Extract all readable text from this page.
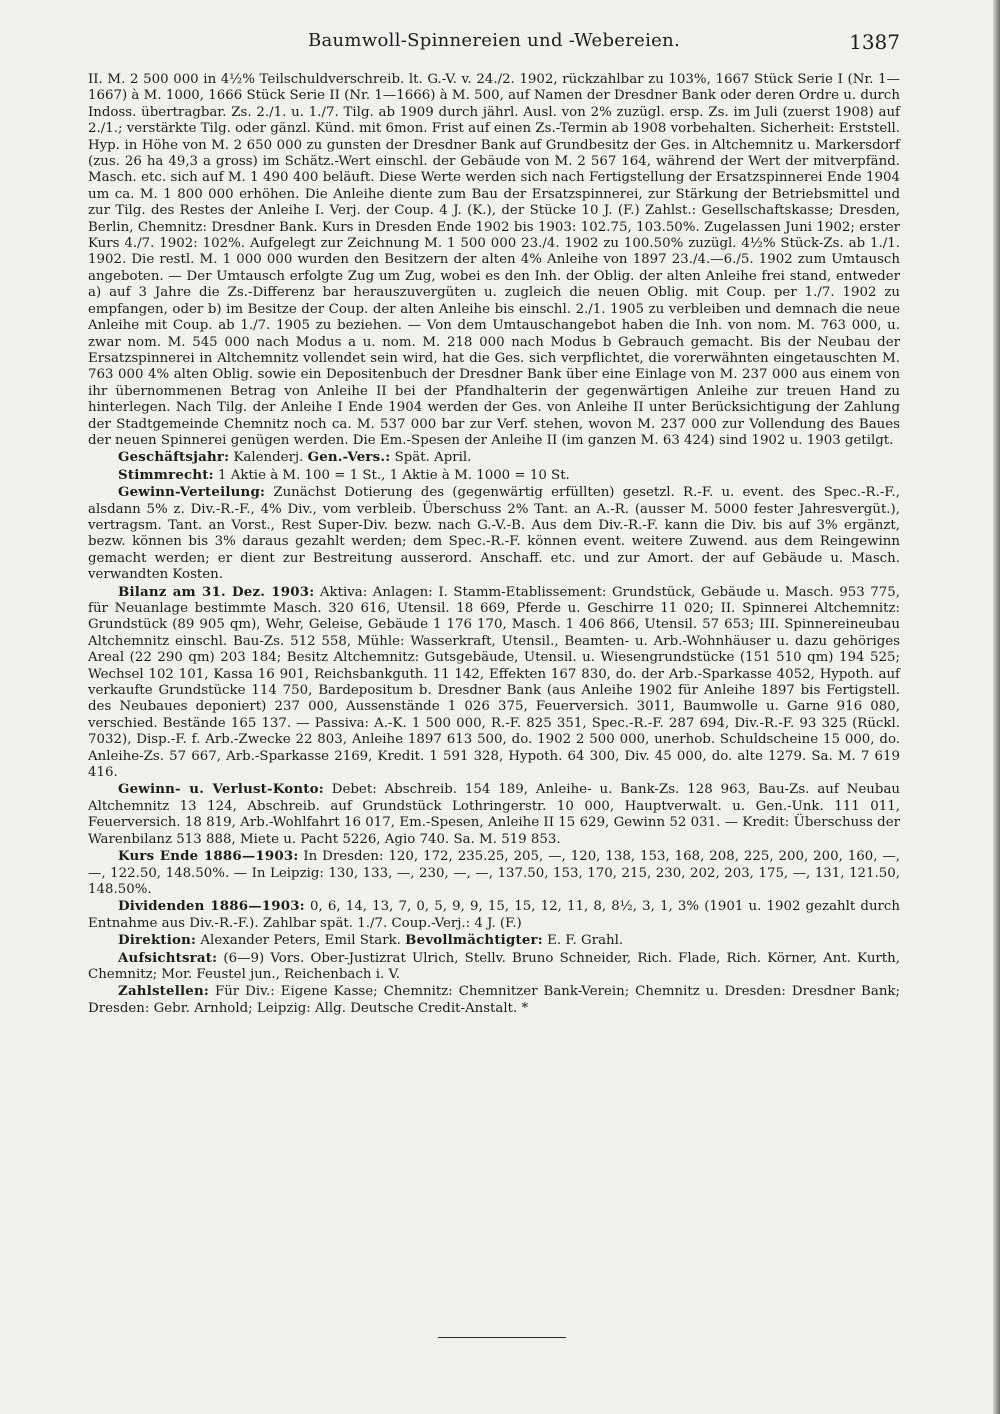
Baumwoll-Spinnereien und -Webereien.	1387

II. M. 2 500 000 in 4½% Teilschuldverschreib. lt. G.-V. v. 24./2. 1902, rückzahlbar zu 103%, 1667 Stück Serie I (Nr. 1—1667) à M. 1000, 1666 Stück Serie II (Nr. 1—1666) à M. 500, auf Namen der Dresdner Bank oder deren Ordre u. durch Indoss. übertragbar. Zs. 2./1. u. 1./7. Tilg. ab 1909 durch jährl. Ausl. von 2% zuzügl. ersp. Zs. im Juli (zuerst 1908) auf 2./1.; verstärkte Tilg. oder gänzl. Künd. mit 6mon. Frist auf einen Zs.-Termin ab 1908 vorbehalten. Sicherheit: Erststell. Hyp. in Höhe von M. 2 650 000 zu gunsten der Dresdner Bank auf Grundbesitz der Ges. in Altchemnitz u. Markersdorf (zus. 26 ha 49,3 a gross) im Schätz.-Wert einschl. der Gebäude von M. 2 567 164, während der Wert der mitverpfänd. Masch. etc. sich auf M. 1 490 400 beläuft. Diese Werte werden sich nach Fertigstellung der Ersatzspinnerei Ende 1904 um ca. M. 1 800 000 erhöhen. Die Anleihe diente zum Bau der Ersatzspinnerei, zur Stärkung der Betriebsmittel und zur Tilg. des Restes der Anleihe I. Verj. der Coup. 4 J. (K.), der Stücke 10 J. (F.) Zahlst.: Gesellschaftskasse; Dresden, Berlin, Chemnitz: Dresdner Bank. Kurs in Dresden Ende 1902 bis 1903: 102.75, 103.50%. Zugelassen Juni 1902; erster Kurs 4./7. 1902: 102%. Aufgelegt zur Zeichnung M. 1 500 000 23./4. 1902 zu 100.50% zuzügl. 4½% Stück-Zs. ab 1./1. 1902. Die restl. M. 1 000 000 wurden den Besitzern der alten 4% Anleihe von 1897 23./4.—6./5. 1902 zum Umtausch angeboten. — Der Umtausch erfolgte Zug um Zug, wobei es den Inh. der Oblig. der alten Anleihe frei stand, entweder a) auf 3 Jahre die Zs.-Differenz bar herauszuvergüten u. zugleich die neuen Oblig. mit Coup. per 1./7. 1902 zu empfangen, oder b) im Besitze der Coup. der alten Anleihe bis einschl. 2./1. 1905 zu verbleiben und demnach die neue Anleihe mit Coup. ab 1./7. 1905 zu beziehen. — Von dem Umtauschangebot haben die Inh. von nom. M. 763 000, u. zwar nom. M. 545 000 nach Modus a u. nom. M. 218 000 nach Modus b Gebrauch gemacht. Bis der Neubau der Ersatzspinnerei in Altchemnitz vollendet sein wird, hat die Ges. sich verpflichtet, die vorerwähnten eingetauschten M. 763 000 4% alten Oblig. sowie ein Depositenbuch der Dresdner Bank über eine Einlage von M. 237 000 aus einem von ihr übernommenen Betrag von Anleihe II bei der Pfandhalterin der gegenwärtigen Anleihe zur treuen Hand zu hinterlegen. Nach Tilg. der Anleihe I Ende 1904 werden der Ges. von Anleihe II unter Berücksichtigung der Zahlung der Stadtgemeinde Chemnitz noch ca. M. 537 000 bar zur Verf. stehen, wovon M. 237 000 zur Vollendung des Baues der neuen Spinnerei genügen werden. Die Em.-Spesen der Anleihe II (im ganzen M. 63 424) sind 1902 u. 1903 getilgt.

Geschäftsjahr: Kalenderj. Gen.-Vers.: Spät. April.

Stimmrecht: 1 Aktie à M. 100 = 1 St., 1 Aktie à M. 1000 = 10 St.

Gewinn-Verteilung: Zunächst Dotierung des (gegenwärtig erfüllten) gesetzl. R.-F. u. event. des Spec.-R.-F., alsdann 5% z. Div.-R.-F., 4% Div., vom verbleib. Überschuss 2% Tant. an A.-R. (ausser M. 5000 fester Jahresvergüt.), vertragsm. Tant. an Vorst., Rest Super-Div. bezw. nach G.-V.-B. Aus dem Div.-R.-F. kann die Div. bis auf 3% ergänzt, bezw. können bis 3% daraus gezahlt werden; dem Spec.-R.-F. können event. weitere Zuwend. aus dem Reingewinn gemacht werden; er dient zur Bestreitung ausserord. Anschaff. etc. und zur Amort. der auf Gebäude u. Masch. verwandten Kosten.

Bilanz am 31. Dez. 1903: Aktiva: Anlagen: I. Stamm-Etablissement: Grundstück, Gebäude u. Masch. 953 775, für Neuanlage bestimmte Masch. 320 616, Utensil. 18 669, Pferde u. Geschirre 11 020; II. Spinnerei Altchemnitz: Grundstück (89 905 qm), Wehr, Geleise, Gebäude 1 176 170, Masch. 1 406 866, Utensil. 57 653; III. Spinnereineubau Altchemnitz einschl. Bau-Zs. 512 558, Mühle: Wasserkraft, Utensil., Beamten- u. Arb.-Wohnhäuser u. dazu gehöriges Areal (22 290 qm) 203 184; Besitz Altchemnitz: Gutsgebäude, Utensil. u. Wiesengrundstücke (151 510 qm) 194 525; Wechsel 102 101, Kassa 16 901, Reichsbankguth. 11 142, Effekten 167 830, do. der Arb.-Sparkasse 4052, Hypoth. auf verkaufte Grundstücke 114 750, Bardepositum b. Dresdner Bank (aus Anleihe 1902 für Anleihe 1897 bis Fertigstell. des Neubaues deponiert) 237 000, Aussenstände 1 026 375, Feuerversich. 3011, Baumwolle u. Garne 916 080, verschied. Bestände 165 137. — Passiva: A.-K. 1 500 000, R.-F. 825 351, Spec.-R.-F. 287 694, Div.-R.-F. 93 325 (Rückl. 7032), Disp.-F. f. Arb.-Zwecke 22 803, Anleihe 1897 613 500, do. 1902 2 500 000, unerhob. Schuldscheine 15 000, do. Anleihe-Zs. 57 667, Arb.-Sparkasse 2169, Kredit. 1 591 328, Hypoth. 64 300, Div. 45 000, do. alte 1279. Sa. M. 7 619 416.

Gewinn- u. Verlust-Konto: Debet: Abschreib. 154 189, Anleihe- u. Bank-Zs. 128 963, Bau-Zs. auf Neubau Altchemnitz 13 124, Abschreib. auf Grundstück Lothringerstr. 10 000, Hauptverwalt. u. Gen.-Unk. 111 011, Feuerversich. 18 819, Arb.-Wohlfahrt 16 017, Em.-Spesen, Anleihe II 15 629, Gewinn 52 031. — Kredit: Überschuss der Warenbilanz 513 888, Miete u. Pacht 5226, Agio 740. Sa. M. 519 853.

Kurs Ende 1886—1903: In Dresden: 120, 172, 235.25, 205, —, 120, 138, 153, 168, 208, 225, 200, 200, 160, —, —, 122.50, 148.50%. — In Leipzig: 130, 133, —, 230, —, —, 137.50, 153, 170, 215, 230, 202, 203, 175, —, 131, 121.50, 148.50%.

Dividenden 1886—1903: 0, 6, 14, 13, 7, 0, 5, 9, 9, 15, 15, 12, 11, 8, 8½, 3, 1, 3% (1901 u. 1902 gezahlt durch Entnahme aus Div.-R.-F.). Zahlbar spät. 1./7. Coup.-Verj.: 4 J. (F.)

Direktion: Alexander Peters, Emil Stark. Bevollmächtigter: E. F. Grahl.

Aufsichtsrat: (6—9) Vors. Ober-Justizrat Ulrich, Stellv. Bruno Schneider, Rich. Flade, Rich. Körner, Ant. Kurth, Chemnitz; Mor. Feustel jun., Reichenbach i. V.

Zahlstellen: Für Div.: Eigene Kasse; Chemnitz: Chemnitzer Bank-Verein; Chemnitz u. Dresden: Dresdner Bank; Dresden: Gebr. Arnhold; Leipzig: Allg. Deutsche Credit-Anstalt. *
